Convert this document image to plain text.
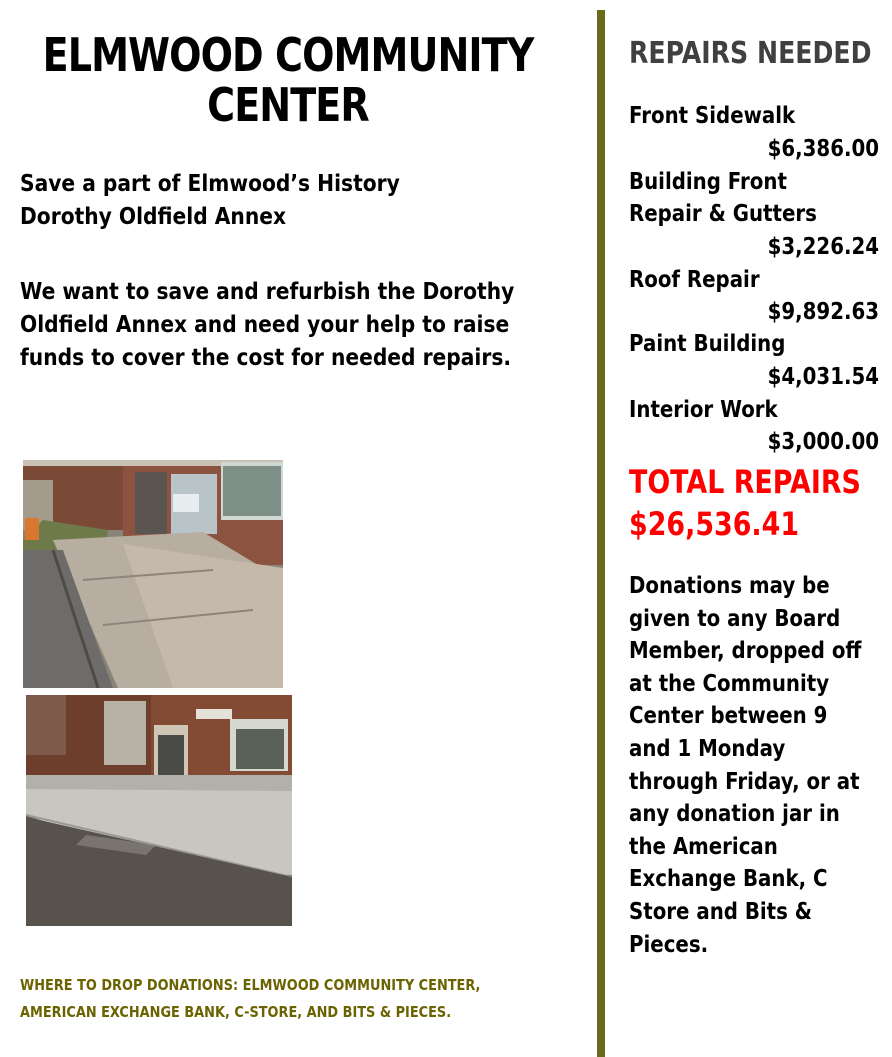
ELMWOOD COMMUNITY CENTER
Save a part of Elmwood’s History
Dorothy Oldfield Annex
We want to save and refurbish the Dorothy Oldfield Annex and need your help to raise funds to cover the cost for needed repairs.
WHERE TO DROP DONATIONS: ELMWOOD COMMUNITY CENTER,
AMERICAN EXCHANGE BANK, C-STORE, AND BITS & PIECES.
REPAIRS NEEDED
Front Sidewalk
$6,386.00
Building Front
Repair & Gutters
$3,226.24
Roof Repair
$9,892.63
Paint Building
$4,031.54
Interior Work
$3,000.00
TOTAL REPAIRS
$26,536.41
Donations may be given to any Board Member, dropped off at the Community Center between 9 and 1 Monday through Friday, or at any donation jar in the American Exchange Bank, C Store and Bits & Pieces.
